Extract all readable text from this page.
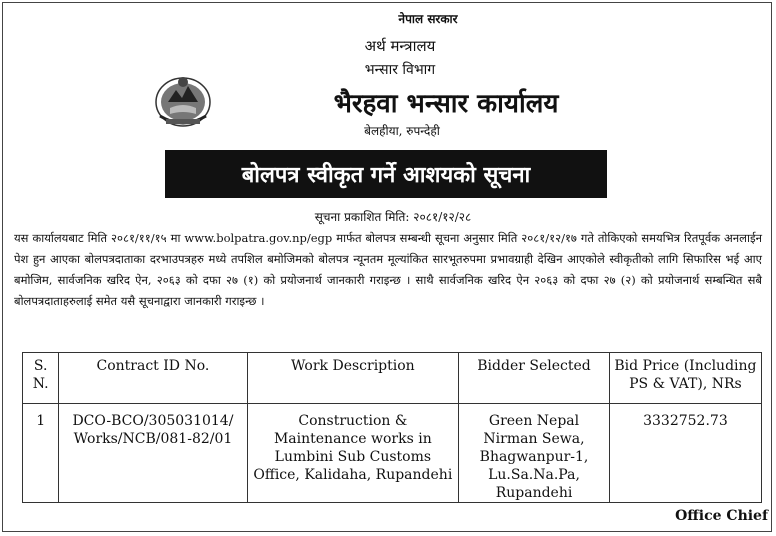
नेपाल सरकार
अर्थ मन्त्रालय
भन्सार विभाग
भैरहवा भन्सार कार्यालय
बेलहीया, रुपन्देही
बोलपत्र स्वीकृत गर्ने आशयको सूचना
सूचना प्रकाशित मिति: २०८१/१२/२८
यस कार्यालयबाट मिति २०८१/११/१५ मा www.bolpatra.gov.np/egp मार्फत बोलपत्र सम्बन्धी सूचना अनुसार मिति २०८१/१२/१७ गते तोकिएको समयभित्र रितपूर्वक अनलाईन पेश हुन आएका बोलपत्रदाताका दरभाउपत्रहरु मध्ये तपशिल बमोजिमको बोलपत्र न्यूनतम मूल्यांकित सारभूतरुपमा प्रभावग्राही देखिन आएकोले स्वीकृतीको लागि सिफारिस भई आए बमोजिम, सार्वजनिक खरिद ऐन, २०६३ को दफा २७ (१) को प्रयोजनार्थ जानकारी गराइन्छ । साथै सार्वजनिक खरिद ऐन २०६३ को दफा २७ (२) को प्रयोजनार्थ सम्बन्धित सबै बोलपत्रदाताहरुलाई समेत यसै सूचनाद्वारा जानकारी गराइन्छ ।
S. N.	Contract ID No.	Work Description	Bidder Selected	Bid Price (Including PS & VAT), NRs
1	DCO-BCO/305031014/ Works/NCB/081-82/01	Construction & Maintenance works in Lumbini Sub Customs Office, Kalidaha, Rupandehi	Green Nepal Nirman Sewa, Bhagwanpur-1, Lu.Sa.Na.Pa, Rupandehi	3332752.73
Office Chief
